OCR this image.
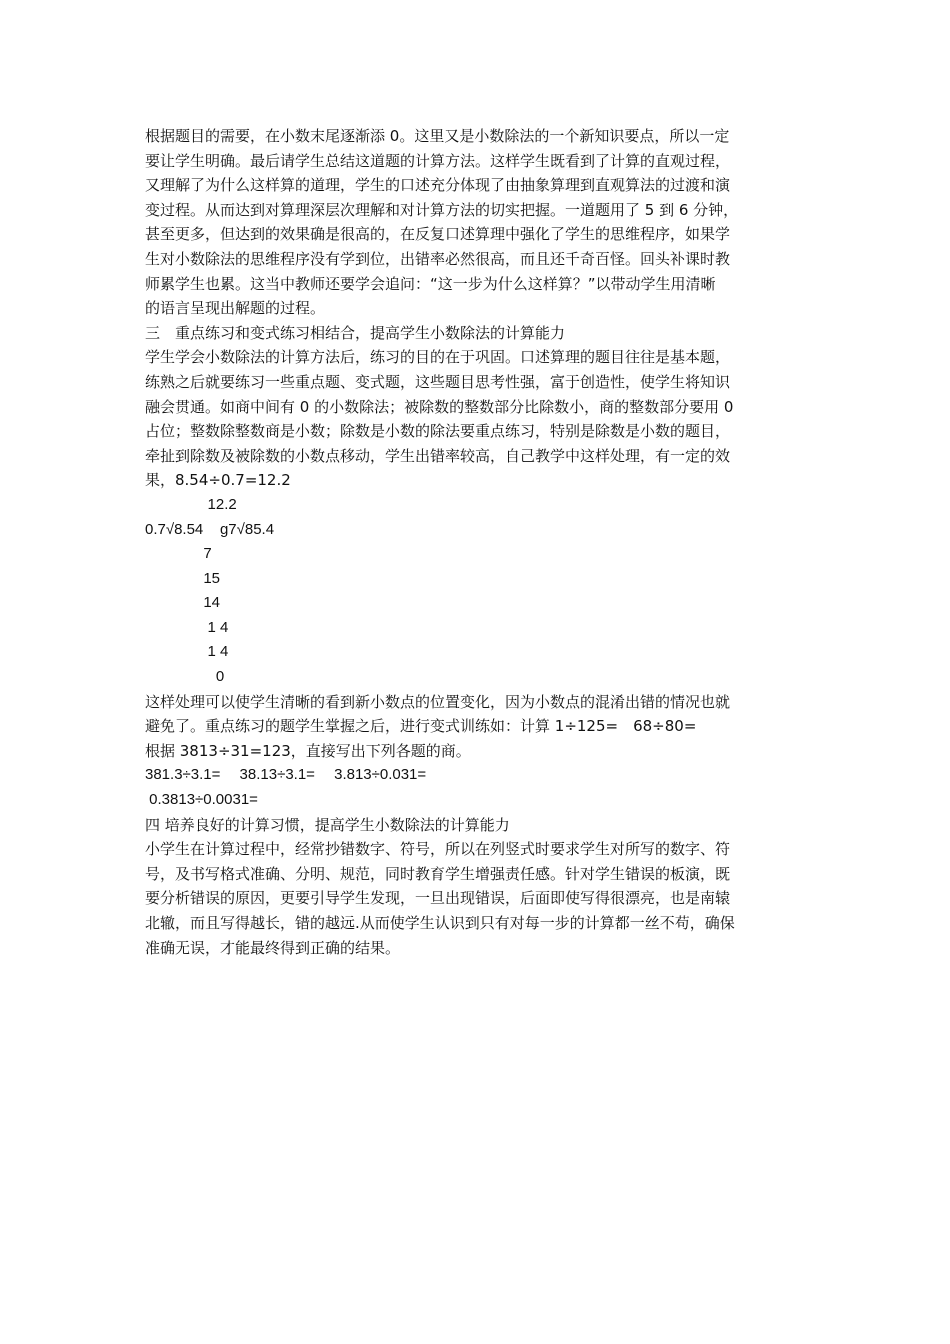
根据题目的需要，在小数末尾逐渐添 0。这里又是小数除法的一个新知识要点，所以一定
要让学生明确。最后请学生总结这道题的计算方法。这样学生既看到了计算的直观过程，
又理解了为什么这样算的道理，学生的口述充分体现了由抽象算理到直观算法的过渡和演
变过程。从而达到对算理深层次理解和对计算方法的切实把握。一道题用了 5 到 6 分钟，
甚至更多，但达到的效果确是很高的，在反复口述算理中强化了学生的思维程序，如果学
生对小数除法的思维程序没有学到位，出错率必然很高，而且还千奇百怪。回头补课时教
师累学生也累。这当中教师还要学会追问：“这一步为什么这样算？”以带动学生用清晰
的语言呈现出解题的过程。

三　重点练习和变式练习相结合，提高学生小数除法的计算能力

学生学会小数除法的计算方法后，练习的目的在于巩固。口述算理的题目往往是基本题，
练熟之后就要练习一些重点题、变式题，这些题目思考性强，富于创造性，使学生将知识
融会贯通。如商中间有 0 的小数除法；被除数的整数部分比除数小，商的整数部分要用 0
占位；整数除整数商是小数；除数是小数的除法要重点练习，特别是除数是小数的题目，
牵扯到除数及被除数的小数点移动，学生出错率较高，自己教学中这样处理，有一定的效
果，8.54÷0.7=12.2
12.2
0.7√8.54    g7√85.4
7
15
14
1 4
1 4
0
这样处理可以使学生清晰的看到新小数点的位置变化，因为小数点的混淆出错的情况也就
避免了。重点练习的题学生掌握之后，进行变式训练如：计算 1÷125=　68÷80=
根据 3813÷31=123，直接写出下列各题的商。
381.3÷3.1=　 38.13÷3.1=　 3.813÷0.031=
0.3813÷0.0031=

四 培养良好的计算习惯，提高学生小数除法的计算能力

小学生在计算过程中，经常抄错数字、符号，所以在列竖式时要求学生对所写的数字、符
号，及书写格式准确、分明、规范，同时教育学生增强责任感。针对学生错误的板演，既
要分析错误的原因，更要引导学生发现，一旦出现错误，后面即使写得很漂亮，也是南辕
北辙，而且写得越长，错的越远.从而使学生认识到只有对每一步的计算都一丝不苟，确保
准确无误，才能最终得到正确的结果。
